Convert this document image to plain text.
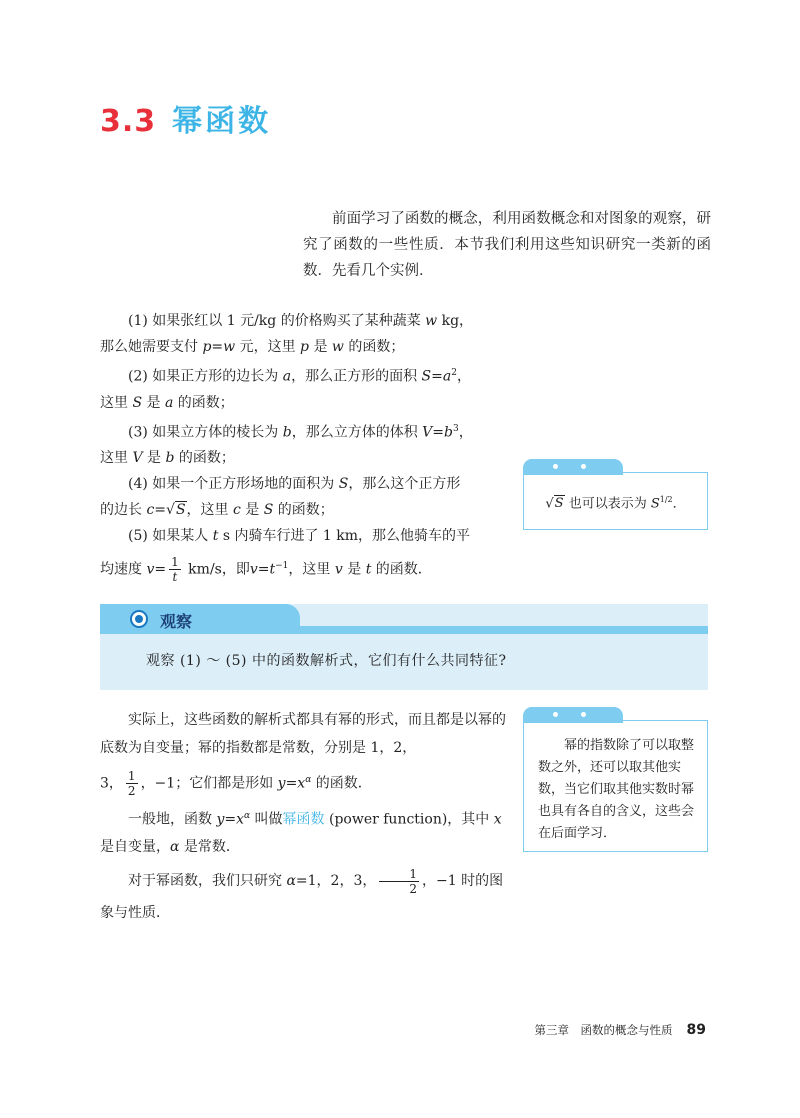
3.3 幂函数

前面学习了函数的概念，利用函数概念和对图象的观察，研究了函数的一些性质．本节我们利用这些知识研究一类新的函数．先看几个实例．

(1) 如果张红以 1 元/kg 的价格购买了某种蔬菜 w kg，
那么她需要支付 p=w 元，这里 p 是 w 的函数；
(2) 如果正方形的边长为 a，那么正方形的面积 $S=a^2$，
这里 S 是 a 的函数；
(3) 如果立方体的棱长为 b，那么立方体的体积 $V=b^3$，
这里 V 是 b 的函数；
(4) 如果一个正方形场地的面积为 S，那么这个正方形
的边长 c=√S，这里 c 是 S 的函数；
(5) 如果某人 t s 内骑车行进了 1 km，那么他骑车的平
均速度 $v= \frac{1}{t} km/s$，即$v=t^{-1}$，这里 v 是 t 的函数．
√S 也可以表示为 $S^{1/2}$．
观察
观察 (1) ～ (5) 中的函数解析式，它们有什么共同特征?
实际上，这些函数的解析式都具有幂的形式，而且都是以幂的底数为自变量；幂的指数都是常数，分别是 1，2，
3， $\frac{1}{2}$ ，−1；它们都是形如 $y=x^\alpha$ 的函数．
一般地，函数 $y=x^\alpha$ 叫做幂函数 (power function)，其中 x 是自变量，α 是常数．
对于幂函数，我们只研究 α=1，2，3， $\frac{1}{2}$ ，−1 时的图
象与性质．
幂的指数除了可以取整数之外，还可以取其他实数，当它们取其他实数时幂也具有各自的含义，这些会在后面学习．
第三章　函数的概念与性质 89
